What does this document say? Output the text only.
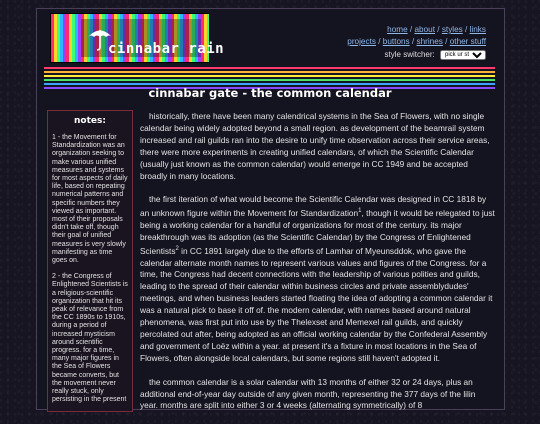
cinnabar rain
home / about / styles / links
projects / buttons / shrines / other stuff
style switcher:
pick ur style...
cinnabar gate - the common calendar
notes:

1 - the Movement for Standardization was an organization seeking to make various unified measures and systems for most aspects of daily life, based on repeating numerical patterns and specific numbers they viewed as important. most of their proposals didn't take off, though their goal of unified measures is very slowly manifesting as time goes on.

2 - the Congress of Enlightened Scientists is a religious-scientific organization that hit its peak of relevance from the CC 1890s to 1910s, during a period of increased mysticism around scientific progress. for a time, many major figures in the Sea of Flowers became converts, but the movement never really stuck, only persisting in the present

historically, there have been many calendrical systems in the Sea of Flowers, with no single calendar being widely adopted beyond a small region. as development of the beamrail system increased and rail guilds ran into the desire to unify time observation across their service areas, there were more experiments in creating unified calendars, of which the Scientific Calendar (usually just known as the common calendar) would emerge in CC 1949 and be accepted broadly in many locations.

the first iteration of what would become the Scientific Calendar was designed in CC 1818 by an unknown figure within the Movement for Standardization$^1$, though it would be relegated to just being a working calendar for a handful of organizations for most of the century. its major breakthrough was its adoption (as the Scientific Calendar) by the Congress of Enlightened Scientists$^2$ in CC 1891 largely due to the efforts of Lamhar of Myeunsddok, who gave the calendar alternate month names to represent various values and figures of the Congress. for a time, the Congress had decent connections with the leadership of various polities and guilds, leading to the spread of their calendar within business circles and private assemblydudes' meetings, and when business leaders started floating the idea of adopting a common calendar it was a natural pick to base it off of. the modern calendar, with names based around natural phenomena, was first put into use by the Thelexset and Memexel rail guilds, and quickly percolated out after, being adopted as an official working calendar by the Confederal Assembly and government of Loëz within a year. at present it's a fixture in most locations in the Sea of Flowers, often alongside local calendars, but some regions still haven't adopted it.

the common calendar is a solar calendar with 13 months of either 32 or 24 days, plus an additional end-of-year day outside of any given month, representing the 377 days of the lilin year. months are split into either 3 or 4 weeks (alternating symmetrically) of 8
